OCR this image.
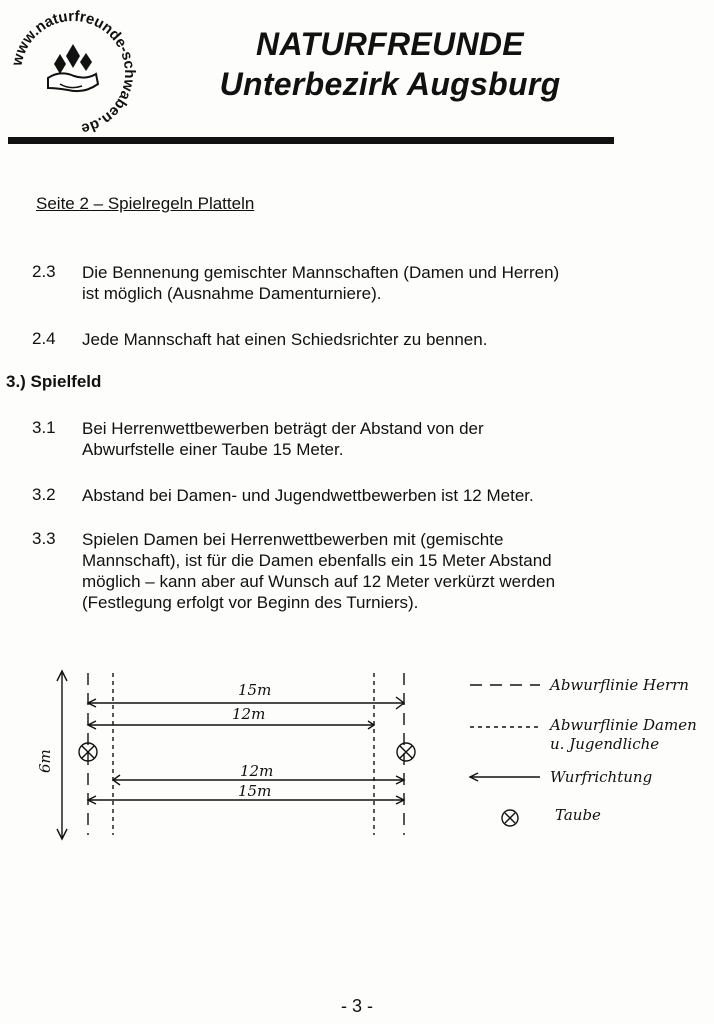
www.naturfreunde-schwaben.de
NATURFREUNDE
Unterbezirk Augsburg
Seite 2 – Spielregeln Platteln
2.3 Die Bennenung gemischter Mannschaften (Damen und Herren)
ist möglich (Ausnahme Damenturniere).
2.4 Jede Mannschaft hat einen Schiedsrichter zu bennen.
3.) Spielfeld
3.1 Bei Herrenwettbewerben beträgt der Abstand von der
Abwurfstelle einer Taube 15 Meter.
3.2 Abstand bei Damen- und Jugendwettbewerben ist 12 Meter.
3.3 Spielen Damen bei Herrenwettbewerben mit (gemischte
Mannschaft), ist für die Damen ebenfalls ein 15 Meter Abstand
möglich – kann aber auf Wunsch auf 12 Meter verkürzt werden
(Festlegung erfolgt vor Beginn des Turniers).
15m
12m
12m
15m
6m
Abwurflinie Herrn
Abwurflinie Damen
u. Jugendliche
Wurfrichtung
Taube
- 3 -
